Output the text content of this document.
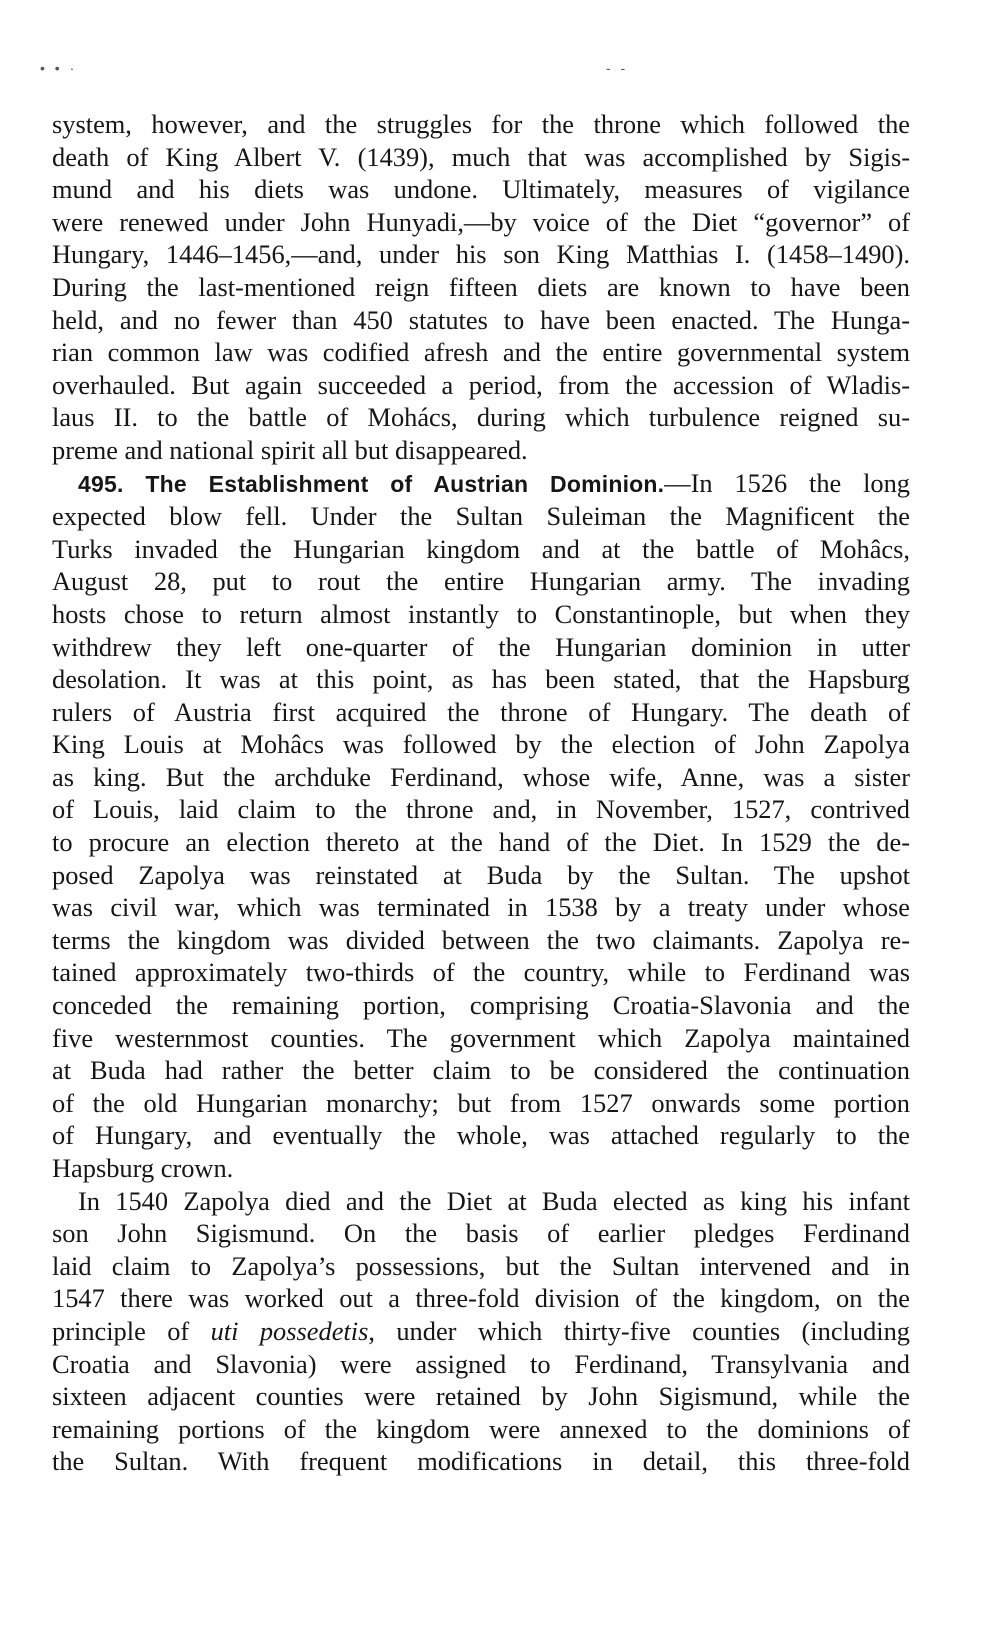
• • ·	- -
system, however, and the struggles for the throne which followed the
death of King Albert V. (1439), much that was accomplished by Sigis-
mund and his diets was undone. Ultimately, measures of vigilance
were renewed under John Hunyadi,—by voice of the Diet “governor” of
Hungary, 1446–1456,—and, under his son King Matthias I. (1458–1490).
During the last-mentioned reign fifteen diets are known to have been
held, and no fewer than 450 statutes to have been enacted. The Hunga-
rian common law was codified afresh and the entire governmental system
overhauled. But again succeeded a period, from the accession of Wladis-
laus II. to the battle of Mohács, during which turbulence reigned su-
preme and national spirit all but disappeared.
495. The Establishment of Austrian Dominion.—In 1526 the long
expected blow fell. Under the Sultan Suleiman the Magnificent the
Turks invaded the Hungarian kingdom and at the battle of Mohâcs,
August 28, put to rout the entire Hungarian army. The invading
hosts chose to return almost instantly to Constantinople, but when they
withdrew they left one-quarter of the Hungarian dominion in utter
desolation. It was at this point, as has been stated, that the Hapsburg
rulers of Austria first acquired the throne of Hungary. The death of
King Louis at Mohâcs was followed by the election of John Zapolya
as king. But the archduke Ferdinand, whose wife, Anne, was a sister
of Louis, laid claim to the throne and, in November, 1527, contrived
to procure an election thereto at the hand of the Diet. In 1529 the de-
posed Zapolya was reinstated at Buda by the Sultan. The upshot
was civil war, which was terminated in 1538 by a treaty under whose
terms the kingdom was divided between the two claimants. Zapolya re-
tained approximately two-thirds of the country, while to Ferdinand was
conceded the remaining portion, comprising Croatia-Slavonia and the
five westernmost counties. The government which Zapolya maintained
at Buda had rather the better claim to be considered the continuation
of the old Hungarian monarchy; but from 1527 onwards some portion
of Hungary, and eventually the whole, was attached regularly to the
Hapsburg crown.
In 1540 Zapolya died and the Diet at Buda elected as king his infant
son John Sigismund. On the basis of earlier pledges Ferdinand
laid claim to Zapolya’s possessions, but the Sultan intervened and in
1547 there was worked out a three-fold division of the kingdom, on the
principle of uti possedetis, under which thirty-five counties (including
Croatia and Slavonia) were assigned to Ferdinand, Transylvania and
sixteen adjacent counties were retained by John Sigismund, while the
remaining portions of the kingdom were annexed to the dominions of
the Sultan. With frequent modifications in detail, this three-fold
